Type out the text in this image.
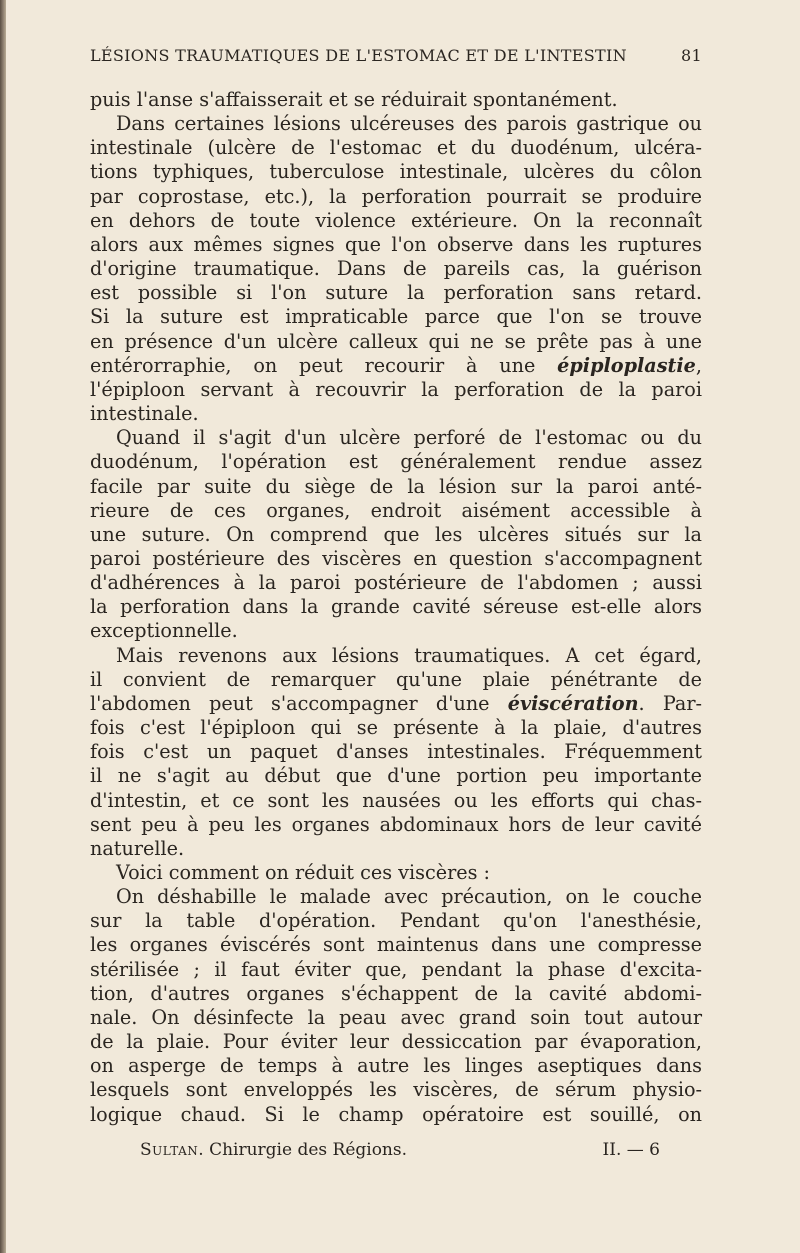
LÉSIONS TRAUMATIQUES DE L'ESTOMAC ET DE L'INTESTIN	81

puis l'anse s'affaisserait et se réduirait spontanément.

Dans certaines lésions ulcéreuses des parois gastrique ou
intestinale (ulcère de l'estomac et du duodénum, ulcéra-
tions typhiques, tuberculose intestinale, ulcères du côlon
par coprostase, etc.), la perforation pourrait se produire
en dehors de toute violence extérieure. On la reconnaît
alors aux mêmes signes que l'on observe dans les ruptures
d'origine traumatique. Dans de pareils cas, la guérison
est possible si l'on suture la perforation sans retard.
Si la suture est impraticable parce que l'on se trouve
en présence d'un ulcère calleux qui ne se prête pas à une
entérorraphie, on peut recourir à une épiploplastie,
l'épiploon servant à recouvrir la perforation de la paroi
intestinale.

Quand il s'agit d'un ulcère perforé de l'estomac ou du
duodénum, l'opération est généralement rendue assez
facile par suite du siège de la lésion sur la paroi anté-
rieure de ces organes, endroit aisément accessible à
une suture. On comprend que les ulcères situés sur la
paroi postérieure des viscères en question s'accompagnent
d'adhérences à la paroi postérieure de l'abdomen ; aussi
la perforation dans la grande cavité séreuse est-elle alors
exceptionnelle.

Mais revenons aux lésions traumatiques. A cet égard,
il convient de remarquer qu'une plaie pénétrante de
l'abdomen peut s'accompagner d'une éviscération. Par-
fois c'est l'épiploon qui se présente à la plaie, d'autres
fois c'est un paquet d'anses intestinales. Fréquemment
il ne s'agit au début que d'une portion peu importante
d'intestin, et ce sont les nausées ou les efforts qui chas-
sent peu à peu les organes abdominaux hors de leur cavité
naturelle.

Voici comment on réduit ces viscères :

On déshabille le malade avec précaution, on le couche
sur la table d'opération. Pendant qu'on l'anesthésie,
les organes éviscérés sont maintenus dans une compresse
stérilisée ; il faut éviter que, pendant la phase d'excita-
tion, d'autres organes s'échappent de la cavité abdomi-
nale. On désinfecte la peau avec grand soin tout autour
de la plaie. Pour éviter leur dessiccation par évaporation,
on asperge de temps à autre les linges aseptiques dans
lesquels sont enveloppés les viscères, de sérum physio-
logique chaud. Si le champ opératoire est souillé, on

Sultan. Chirurgie des Régions.	II. — 6
